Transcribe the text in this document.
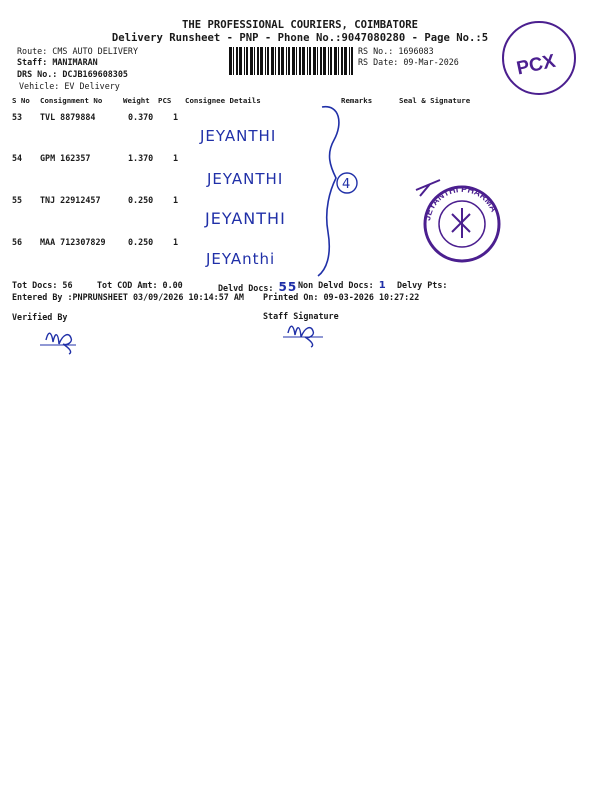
THE PROFESSIONAL COURIERS, COIMBATORE
Delivery Runsheet - PNP - Phone No.:9047080280 - Page No.:5
Route: CMS AUTO DELIVERY
Staff: MANIMARAN
DRS No.: DCJB169608305
Vehicle: EV Delivery
RS No.: 1696083
RS Date: 09-Mar-2026	PCX
4
JEYANTHI PHARMA
S No Consignment No	Weight PCS Consignee Details	Remarks	Seal & Signature
53 TVL 8879884	0.370 1
JEYANTHI
54 GPM 162357	1.370 1
JEYANTHI
55 TNJ 22912457	0.250 1
JEYANTHI
56 MAA 712307829	0.250 1
JEYAnthi
Tot Docs: 56	Tot COD Amt: 0.00	Delvd Docs: 55 Non Delvd Docs: 1 Delvy Pts:
Entered By :PNPRUNSHEET 03/09/2026 10:14:57 AM Printed On: 09-03-2026 10:27:22
Verified By	Staff Signature
